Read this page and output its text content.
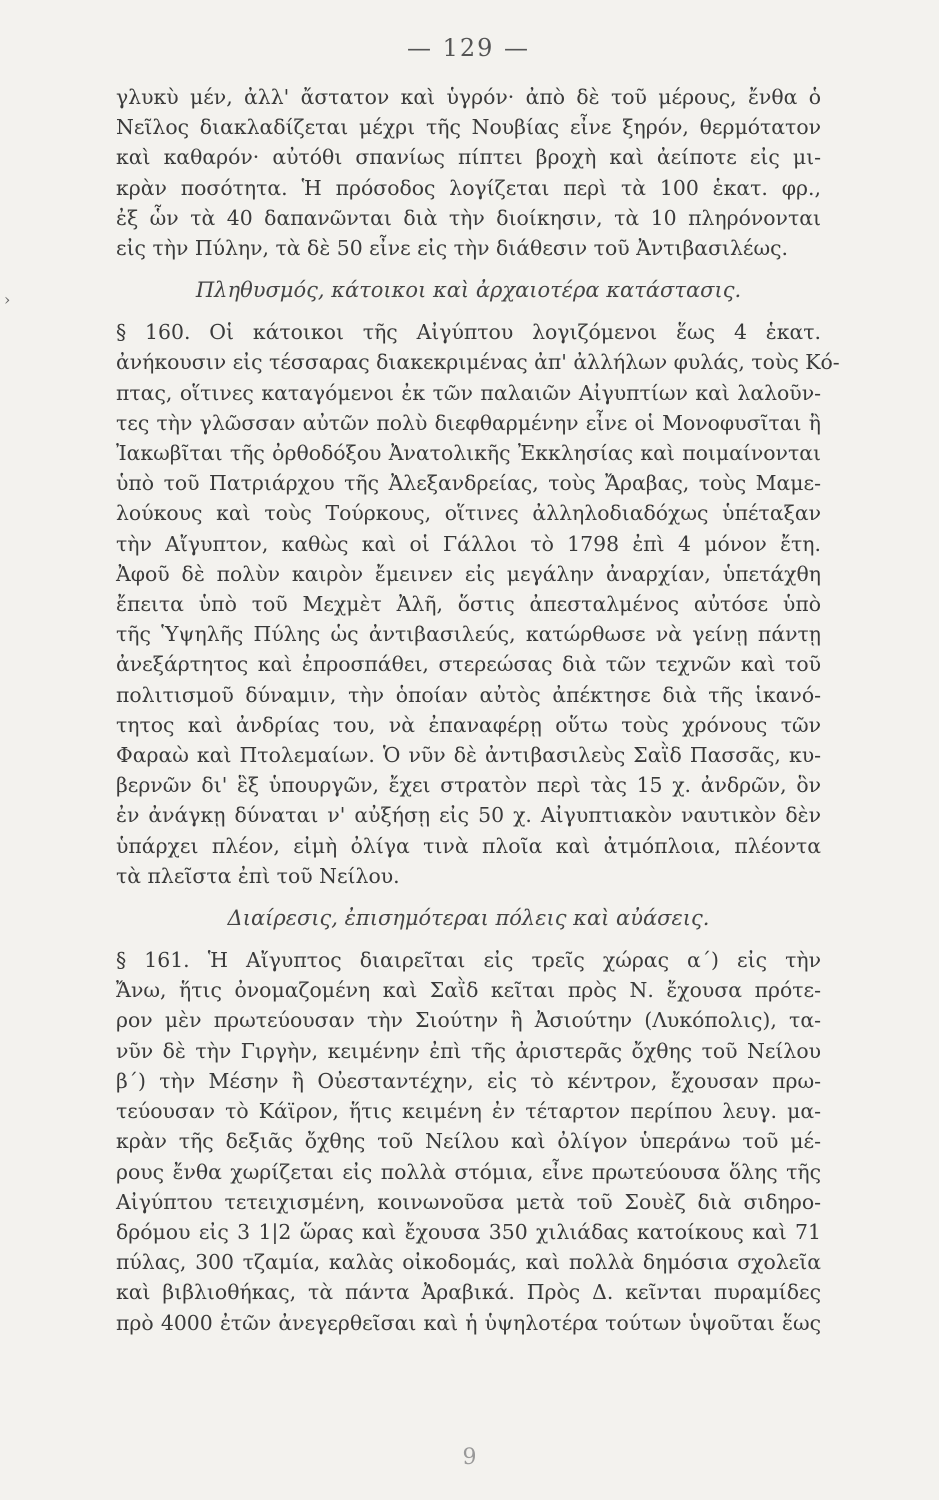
›
— 129 —
γλυκὺ μέν, ἀλλ' ἄστατον καὶ ὑγρόν· ἀπὸ δὲ τοῦ μέρους, ἔνθα ὁ
Νεῖλος διακλαδίζεται μέχρι τῆς Νουβίας εἶνε ξηρόν, θερμότατον
καὶ καθαρόν· αὐτόθι σπανίως πίπτει βροχὴ καὶ ἀείποτε εἰς μι-
κρὰν ποσότητα. Ἡ πρόσοδος λογίζεται περὶ τὰ 100 ἑκατ. φρ.,
ἐξ ὧν τὰ 40 δαπανῶνται διὰ τὴν διοίκησιν, τὰ 10 πληρόνονται
εἰς τὴν Πύλην, τὰ δὲ 50 εἶνε εἰς τὴν διάθεσιν τοῦ Ἀντιβασιλέως.
Πληθυσμός, κάτοικοι καὶ ἀρχαιοτέρα κατάστασις.
§ 160. Οἱ κάτοικοι τῆς Αἰγύπτου λογιζόμενοι ἕως 4 ἑκατ.
ἀνήκουσιν εἰς τέσσαρας διακεκριμένας ἀπ' ἀλλήλων φυλάς, τοὺς Κό-
πτας, οἵτινες καταγόμενοι ἐκ τῶν παλαιῶν Αἰγυπτίων καὶ λαλοῦν-
τες τὴν γλῶσσαν αὐτῶν πολὺ διεφθαρμένην εἶνε οἱ Μονοφυσῖται ἢ
Ἰακωβῖται τῆς ὀρθοδόξου Ἀνατολικῆς Ἐκκλησίας καὶ ποιμαίνονται
ὑπὸ τοῦ Πατριάρχου τῆς Ἀλεξανδρείας, τοὺς Ἄραβας, τοὺς Μαμε-
λούκους καὶ τοὺς Τούρκους, οἵτινες ἀλληλοδιαδόχως ὑπέταξαν
τὴν Αἴγυπτον, καθὼς καὶ οἱ Γάλλοι τὸ 1798 ἐπὶ 4 μόνον ἔτη.
Ἀφοῦ δὲ πολὺν καιρὸν ἔμεινεν εἰς μεγάλην ἀναρχίαν, ὑπετάχθη
ἔπειτα ὑπὸ τοῦ Μεχμὲτ Ἀλῆ, ὅστις ἀπεσταλμένος αὐτόσε ὑπὸ
τῆς Ὑψηλῆς Πύλης ὡς ἀντιβασιλεύς, κατώρθωσε νὰ γείνῃ πάντῃ
ἀνεξάρτητος καὶ ἐπροσπάθει, στερεώσας διὰ τῶν τεχνῶν καὶ τοῦ
πολιτισμοῦ δύναμιν, τὴν ὁποίαν αὐτὸς ἀπέκτησε διὰ τῆς ἱκανό-
τητος καὶ ἀνδρίας του, νὰ ἐπαναφέρῃ οὕτω τοὺς χρόνους τῶν
Φαραὼ καὶ Πτολεμαίων. Ὁ νῦν δὲ ἀντιβασιλεὺς Σαῒδ Πασσᾶς, κυ-
βερνῶν δι' ἓξ ὑπουργῶν, ἔχει στρατὸν περὶ τὰς 15 χ. ἀνδρῶν, ὃν
ἐν ἀνάγκῃ δύναται ν' αὐξήσῃ εἰς 50 χ. Αἰγυπτιακὸν ναυτικὸν δὲν
ὑπάρχει πλέον, εἰμὴ ὀλίγα τινὰ πλοῖα καὶ ἀτμόπλοια, πλέοντα
τὰ πλεῖστα ἐπὶ τοῦ Νείλου.
Διαίρεσις, ἐπισημότεραι πόλεις καὶ αὐάσεις.
§ 161. Ἡ Αἴγυπτος διαιρεῖται εἰς τρεῖς χώρας α΄) εἰς τὴν
Ἄνω, ἥτις ὀνομαζομένη καὶ Σαῒδ κεῖται πρὸς Ν. ἔχουσα πρότε-
ρον μὲν πρωτεύουσαν τὴν Σιούτην ἢ Ἀσιούτην (Λυκόπολις), τα-
νῦν δὲ τὴν Γιργὴν, κειμένην ἐπὶ τῆς ἀριστερᾶς ὄχθης τοῦ Νείλου
β΄) τὴν Μέσην ἢ Οὐεσταντέχην, εἰς τὸ κέντρον, ἔχουσαν πρω-
τεύουσαν τὸ Κάϊρον, ἥτις κειμένη ἐν τέταρτον περίπου λευγ. μα-
κρὰν τῆς δεξιᾶς ὄχθης τοῦ Νείλου καὶ ὀλίγον ὑπεράνω τοῦ μέ-
ρους ἔνθα χωρίζεται εἰς πολλὰ στόμια, εἶνε πρωτεύουσα ὅλης τῆς
Αἰγύπτου τετειχισμένη, κοινωνοῦσα μετὰ τοῦ Σουὲζ διὰ σιδηρο-
δρόμου εἰς 3 1|2 ὥρας καὶ ἔχουσα 350 χιλιάδας κατοίκους καὶ 71
πύλας, 300 τζαμία, καλὰς οἰκοδομάς, καὶ πολλὰ δημόσια σχολεῖα
καὶ βιβλιοθήκας, τὰ πάντα Ἀραβικά. Πρὸς Δ. κεῖνται πυραμίδες
πρὸ 4000 ἐτῶν ἀνεγερθεῖσαι καὶ ἡ ὑψηλοτέρα τούτων ὑψοῦται ἕως
9
